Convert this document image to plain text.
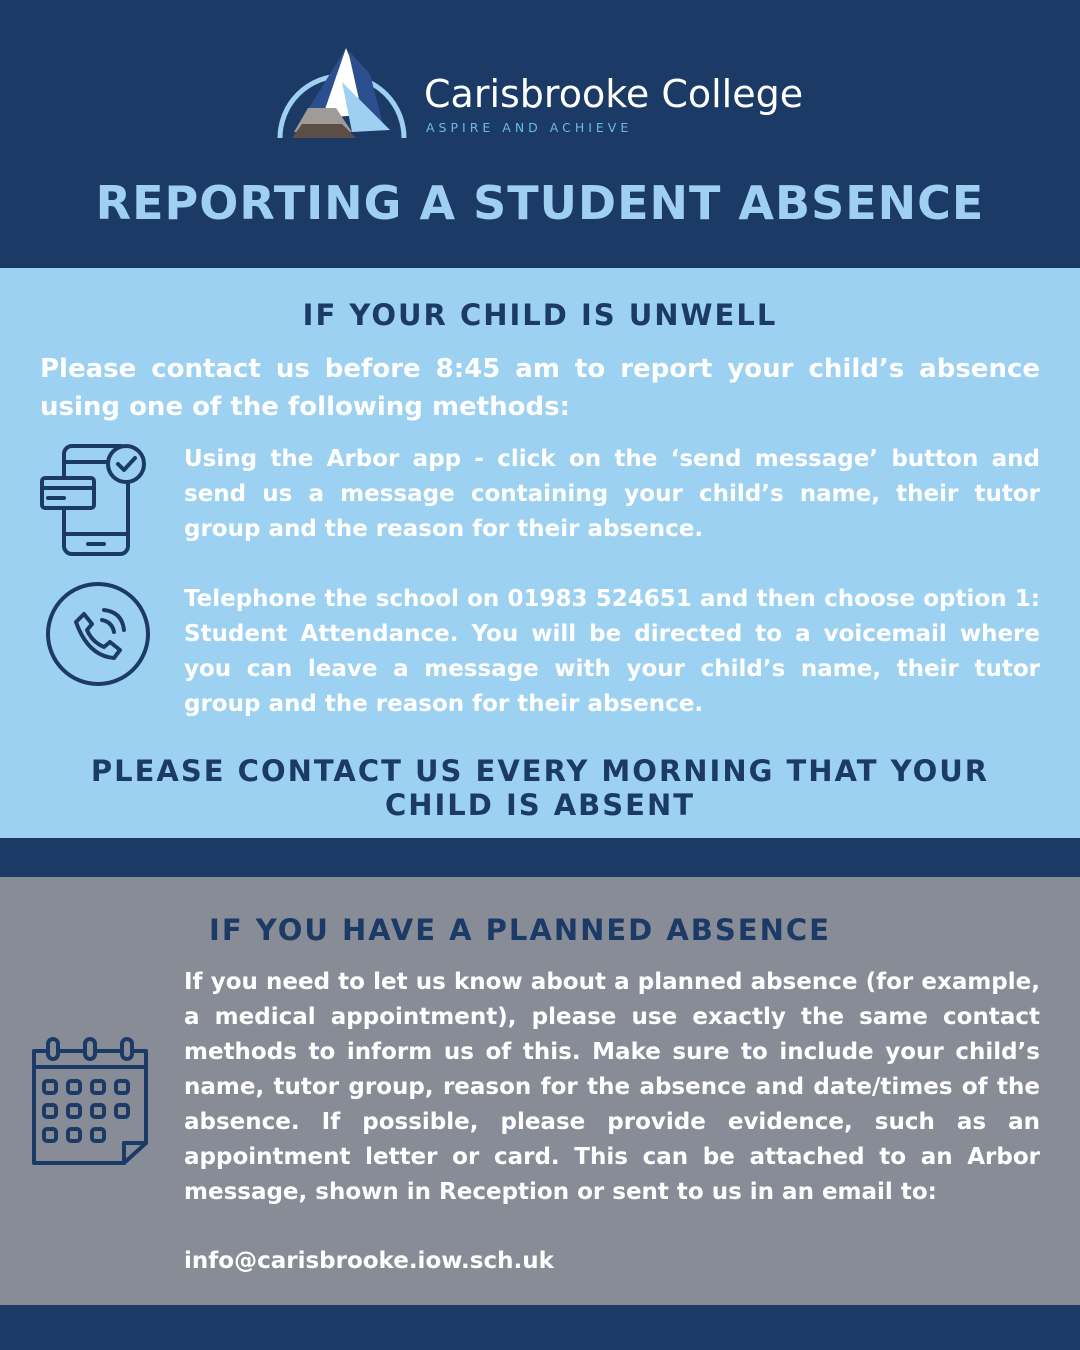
Carisbrooke College
ASPIRE AND ACHIEVE
REPORTING A STUDENT ABSENCE
IF YOUR CHILD IS UNWELL
Please contact us before 8:45 am to report your child’s absence using one of the following methods:
Using the Arbor app - click on the ‘send message’ button and send us a message containing your child’s name, their tutor group and the reason for their absence.
Telephone the school on 01983 524651 and then choose option 1: Student Attendance. You will be directed to a voicemail where you can leave a message with your child’s name, their tutor group and the reason for their absence.
PLEASE CONTACT US EVERY MORNING THAT YOUR CHILD IS ABSENT
IF YOU HAVE A PLANNED ABSENCE
If you need to let us know about a planned absence (for example, a medical appointment), please use exactly the same contact methods to inform us of this. Make sure to include your child’s name, tutor group, reason for the absence and date/times of the absence. If possible, please provide evidence, such as an appointment letter or card. This can be attached to an Arbor message, shown in Reception or sent to us in an email to:
info@carisbrooke.iow.sch.uk
